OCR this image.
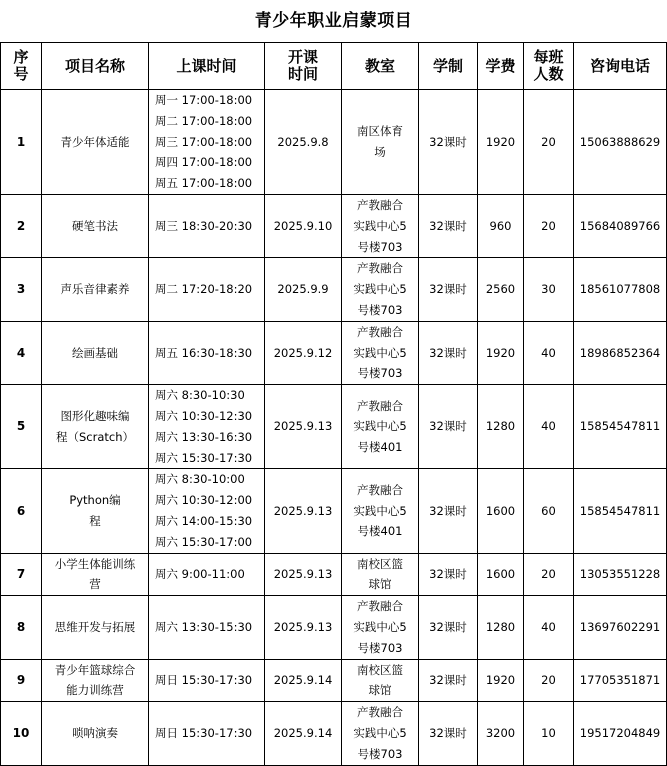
青少年职业启蒙项目
序
号	项目名称	上课时间	开课
时间	教室	学制	学费	每班
人数	咨询电话
1	青少年体适能	周一 17:00-18:00
周二 17:00-18:00
周三 17:00-18:00
周四 17:00-18:00
周五 17:00-18:00	2025.9.8	南区体育
场	32课时	1920	20	15063888629
2	硬笔书法	周三 18:30-20:30	2025.9.10	产教融合
实践中心5
号楼703	32课时	960	20	15684089766
3	声乐音律素养	周二 17:20-18:20	2025.9.9	产教融合
实践中心5
号楼703	32课时	2560	30	18561077808
4	绘画基础	周五 16:30-18:30	2025.9.12	产教融合
实践中心5
号楼703	32课时	1920	40	18986852364
5	图形化趣味编
程（Scratch）	周六 8:30-10:30
周六 10:30-12:30
周六 13:30-16:30
周六 15:30-17:30	2025.9.13	产教融合
实践中心5
号楼401	32课时	1280	40	15854547811
6	Python编
程	周六 8:30-10:00
周六 10:30-12:00
周六 14:00-15:30
周六 15:30-17:00	2025.9.13	产教融合
实践中心5
号楼401	32课时	1600	60	15854547811
7	小学生体能训练
营	周六 9:00-11:00	2025.9.13	南校区篮
球馆	32课时	1600	20	13053551228
8	思维开发与拓展	周六 13:30-15:30	2025.9.13	产教融合
实践中心5
号楼703	32课时	1280	40	13697602291
9	青少年篮球综合
能力训练营	周日 15:30-17:30	2025.9.14	南校区篮
球馆	32课时	1920	20	17705351871
10	唢呐演奏	周日 15:30-17:30	2025.9.14	产教融合
实践中心5
号楼703	32课时	3200	10	19517204849
